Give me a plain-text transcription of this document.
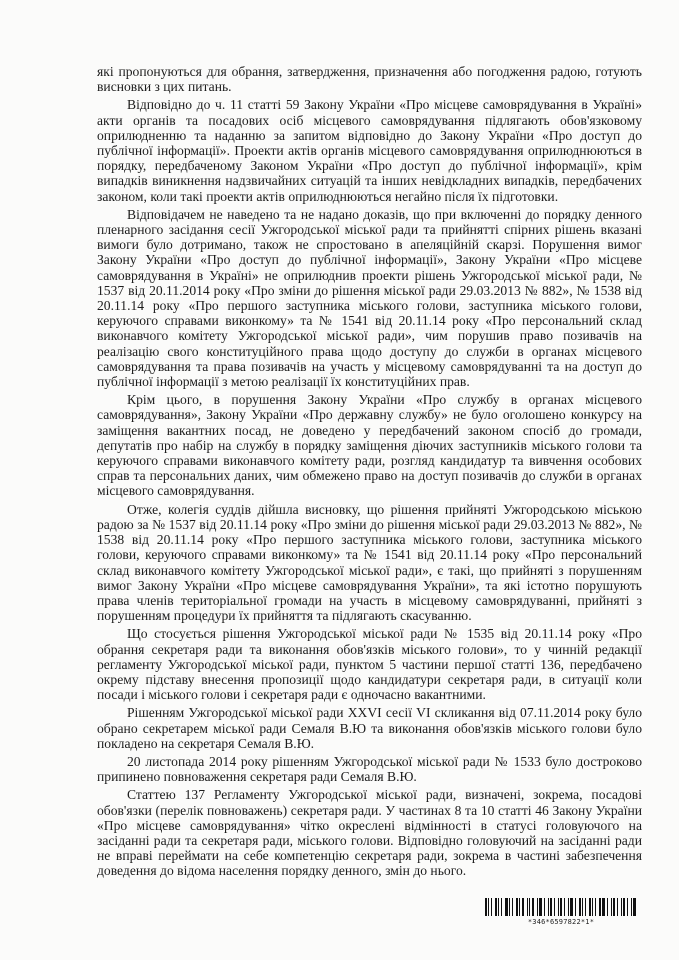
які пропонуються для обрання, затвердження, призначення або погодження радою, готують висновки з цих питань.

Відповідно до ч. 11 статті 59 Закону України «Про місцеве самоврядування в Україні» акти органів та посадових осіб місцевого самоврядування підлягають обов'язковому оприлюдненню та наданню за запитом відповідно до Закону України «Про доступ до публічної інформації». Проекти актів органів місцевого самоврядування оприлюднюються в порядку, передбаченому Законом України «Про доступ до публічної інформації», крім випадків виникнення надзвичайних ситуацій та інших невідкладних випадків, передбачених законом, коли такі проекти актів оприлюднюються негайно після їх підготовки.

Відповідачем не наведено та не надано доказів, що при включенні до порядку денного пленарного засідання сесії Ужгородської міської ради та прийнятті спірних рішень вказані вимоги було дотримано, також не спростовано в апеляційній скарзі. Порушення вимог Закону України «Про доступ до публічної інформації», Закону України «Про місцеве самоврядування в Україні» не оприлюднив проекти рішень Ужгородської міської ради, № 1537 від 20.11.2014 року «Про зміни до рішення міської ради 29.03.2013 № 882», № 1538 від 20.11.14 року «Про першого заступника міського голови, заступника міського голови, керуючого справами виконкому» та № 1541 від 20.11.14 року «Про персональний склад виконавчого комітету Ужгородської міської ради», чим порушив право позивачів на реалізацію свого конституційного права щодо доступу до служби в органах місцевого самоврядування та права позивачів на участь у місцевому самоврядуванні та на доступ до публічної інформації з метою реалізації їх конституційних прав.

Крім цього, в порушення Закону України «Про службу в органах місцевого самоврядування», Закону України «Про державну службу» не було оголошено конкурсу на заміщення вакантних посад, не доведено у передбачений законом спосіб до громади, депутатів про набір на службу в порядку заміщення діючих заступників міського голови та керуючого справами виконавчого комітету ради, розгляд кандидатур та вивчення особових справ та персональних даних, чим обмежено право на доступ позивачів до служби в органах місцевого самоврядування.

Отже, колегія суддів дійшла висновку, що рішення прийняті Ужгородською міською радою за № 1537 від 20.11.14 року «Про зміни до рішення міської ради 29.03.2013 № 882», № 1538 від 20.11.14 року «Про першого заступника міського голови, заступника міського голови, керуючого справами виконкому» та № 1541 від 20.11.14 року «Про персональний склад виконавчого комітету Ужгородської міської ради», є такі, що прийняті з порушенням вимог Закону України «Про місцеве самоврядування України», та які істотно порушують права членів територіальної громади на участь в місцевому самоврядуванні, прийняті з порушенням процедури їх прийняття та підлягають скасуванню.

Що стосується рішення Ужгородської міської ради № 1535 від 20.11.14 року «Про обрання секретаря ради та виконання обов'язків міського голови», то у чинній редакції регламенту Ужгородської міської ради, пунктом 5 частини першої статті 136, передбачено окрему підставу внесення пропозиції щодо кандидатури секретаря ради, в ситуації коли посади і міського голови і секретаря ради є одночасно вакантними.

Рішенням Ужгородської міської ради XXVI сесії VI скликання від 07.11.2014 року було обрано секретарем міської ради Семаля В.Ю та виконання обов'язків міського голови було покладено на секретаря Семаля В.Ю.

20 листопада 2014 року рішенням Ужгородської міської ради № 1533 було достроково припинено повноваження секретаря ради Семаля В.Ю.

Статтею 137 Регламенту Ужгородської міської ради, визначені, зокрема, посадові обов'язки (перелік повноважень) секретаря ради. У частинах 8 та 10 статті 46 Закону України «Про місцеве самоврядування» чітко окреслені відмінності в статусі головуючого на засіданні ради та секретаря ради, міського голови. Відповідно головуючий на засіданні ради не вправі переймати на себе компетенцію секретаря ради, зокрема в частині забезпечення доведення до відома населення порядку денного, змін до нього.

*346*6597822*1*
